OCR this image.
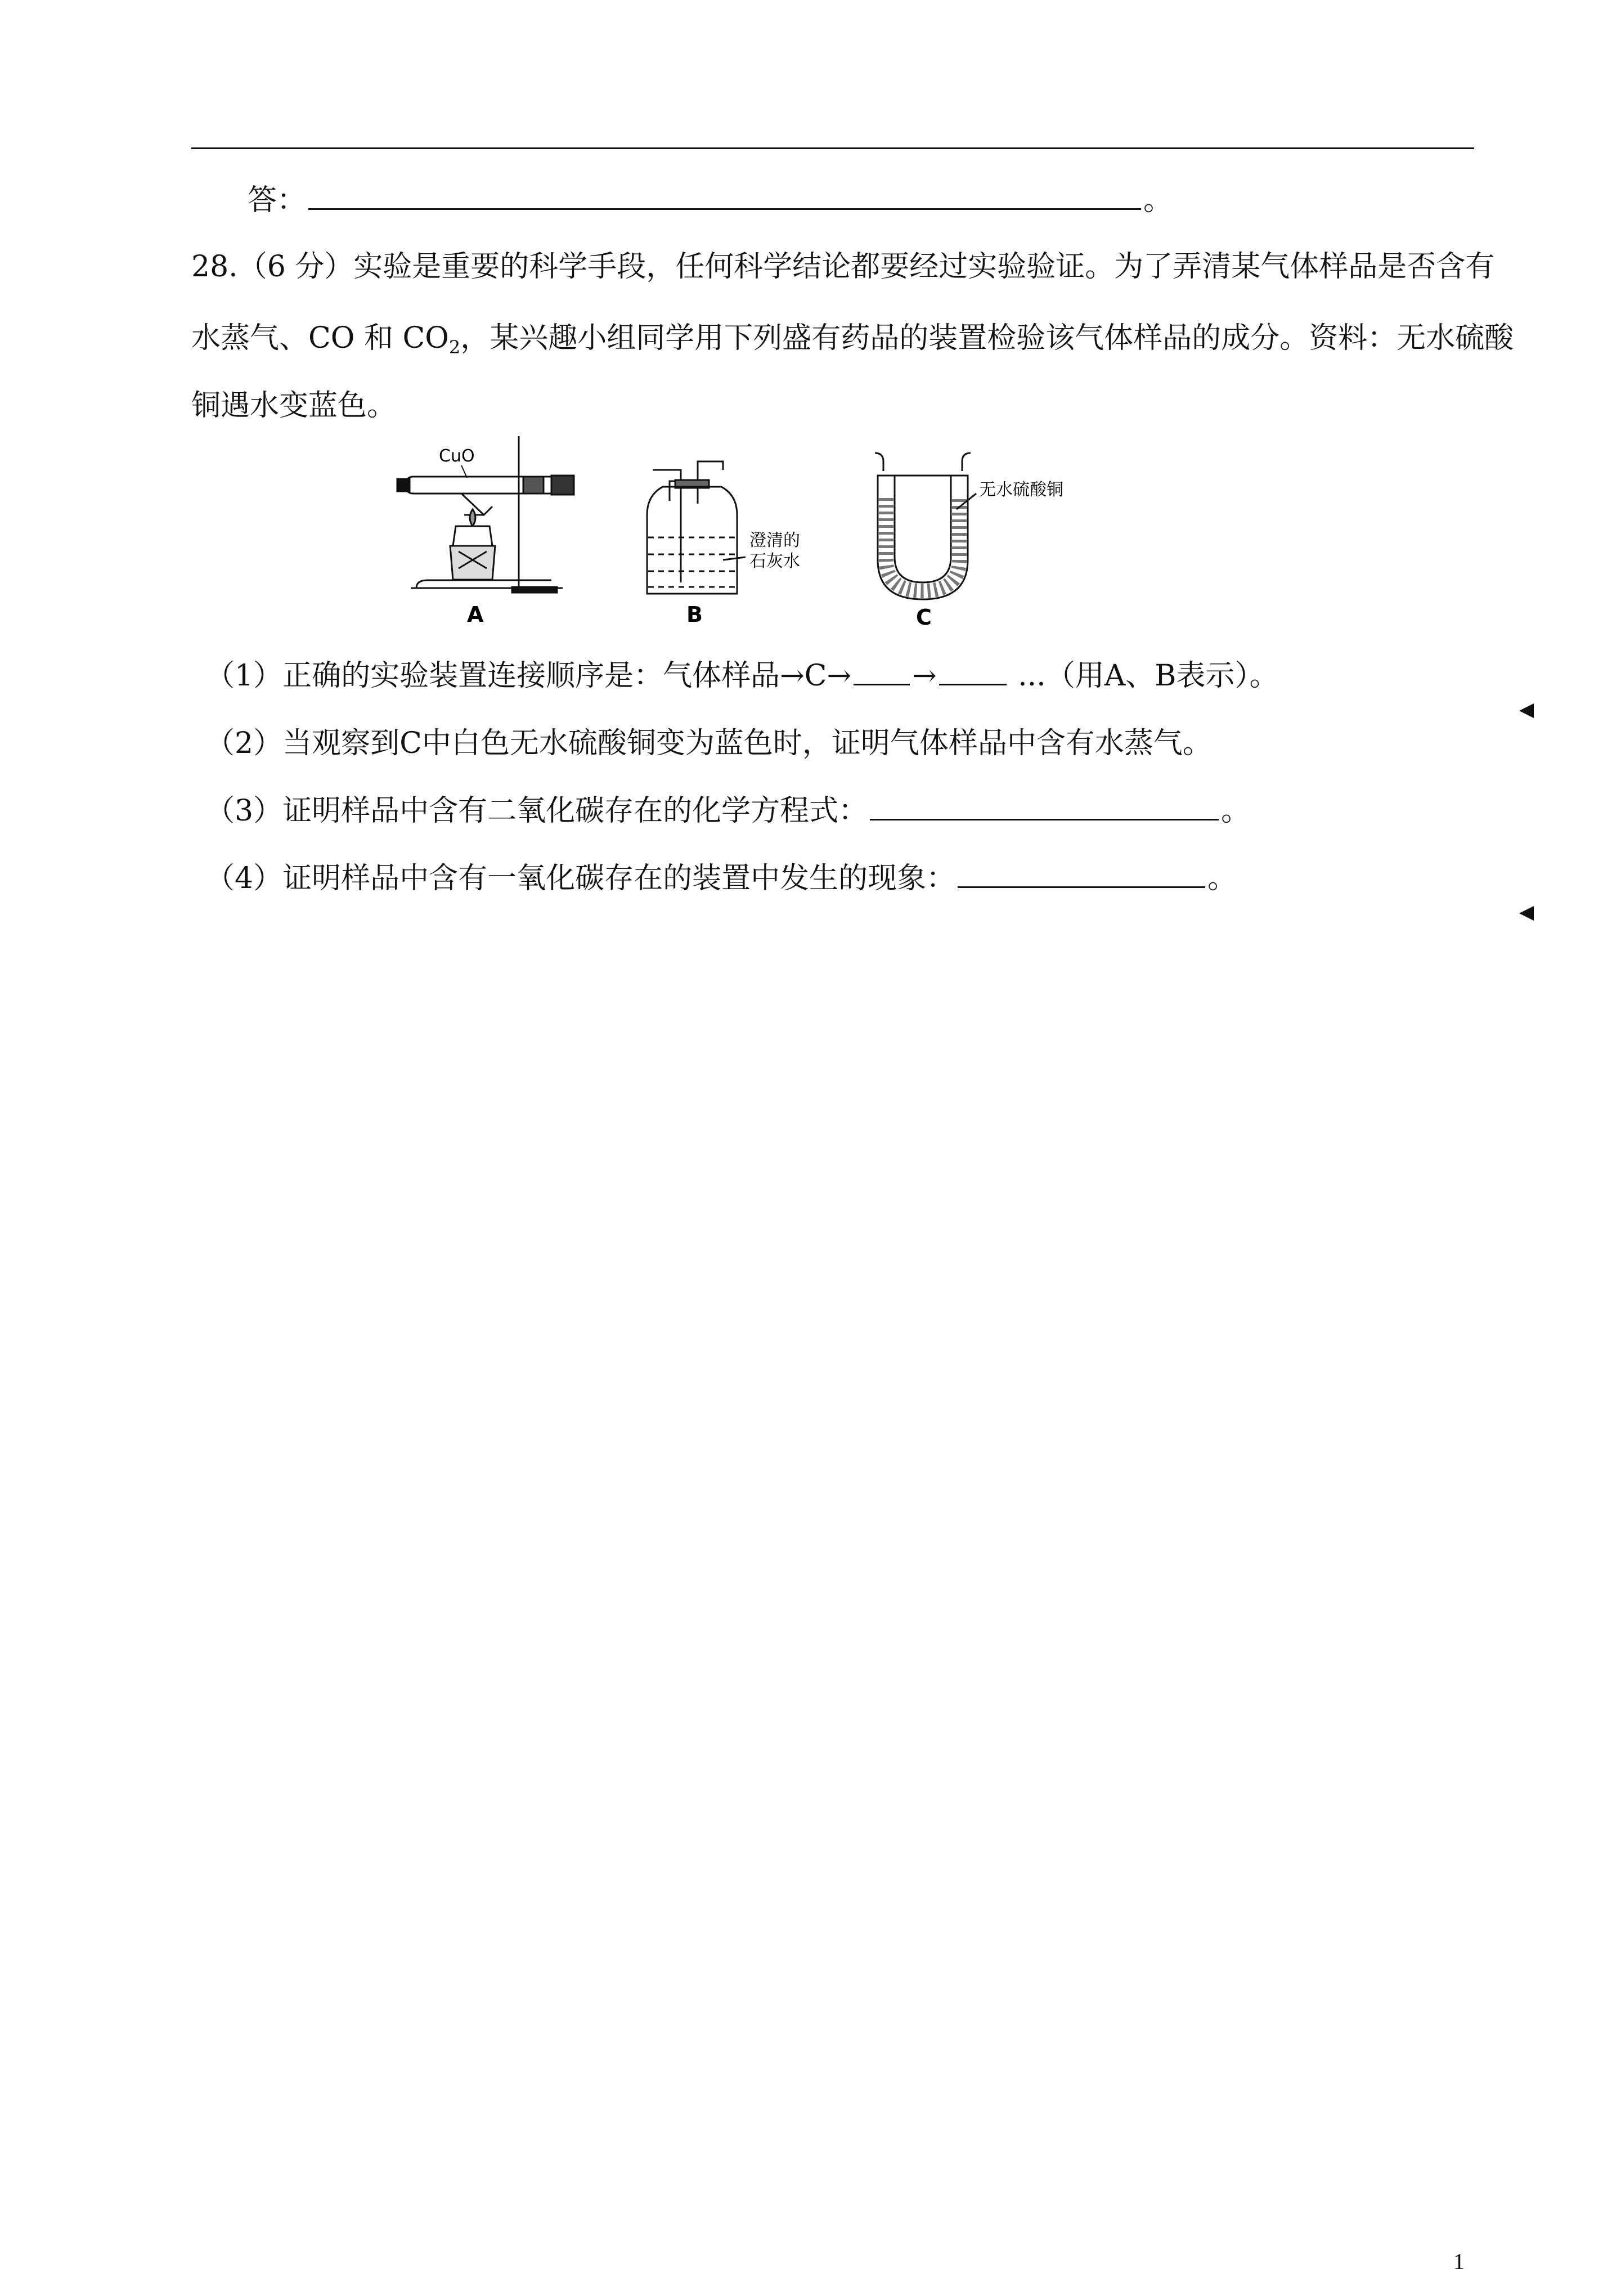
答：	。
28.（6 分）实验是重要的科学手段，任何科学结论都要经过实验验证。为了弄清某气体样品是否含有
水蒸气、CO 和 $CO_2$，某兴趣小组同学用下列盛有药品的装置检验该气体样品的成分。资料：无水硫酸
铜遇水变蓝色。
CuO
A
澄清的
石灰水
B
无水硫酸铜
C
（1）正确的实验装置连接顺序是：气体样品→C→ → ...（用A、B表示）。
（2）当观察到C中白色无水硫酸铜变为蓝色时，证明气体样品中含有水蒸气。
（3）证明样品中含有二氧化碳存在的化学方程式：	。
（4）证明样品中含有一氧化碳存在的装置中发生的现象：	。
1
